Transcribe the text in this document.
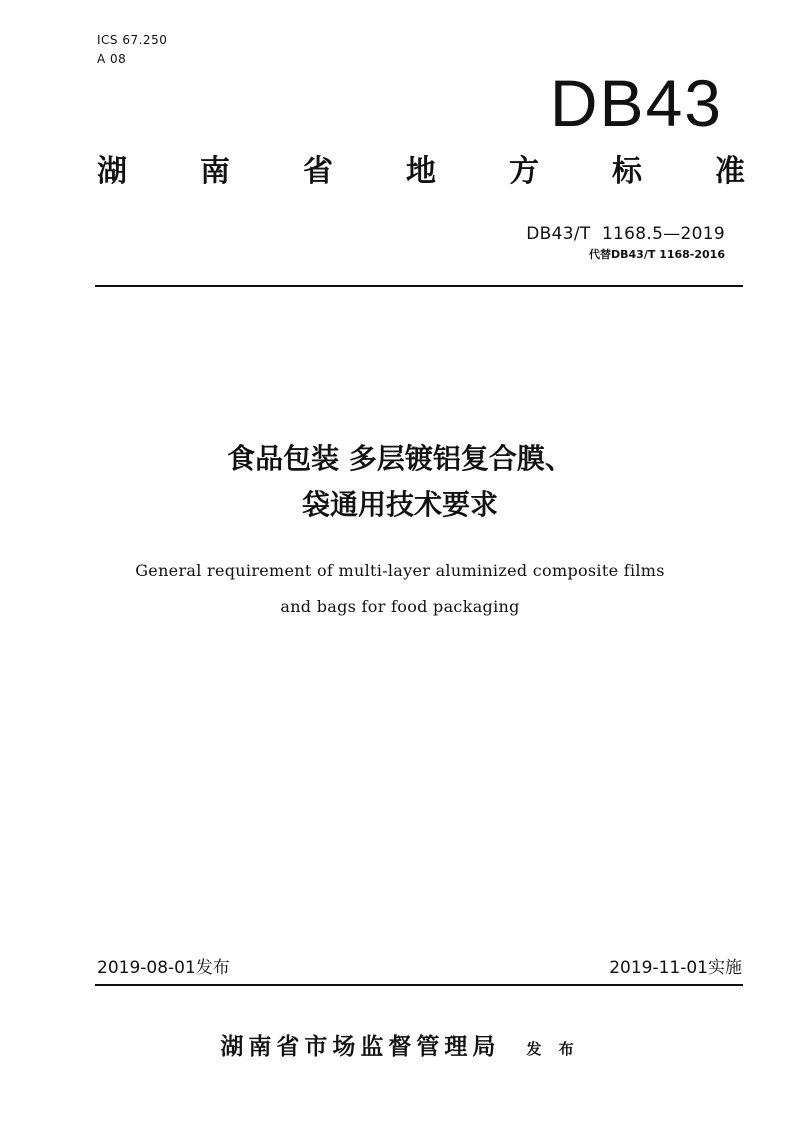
ICS 67.250
A 08
DB43
湖 南 省 地 方 标 准
DB43/T  1168.5—2019
代替DB43/T 1168-2016
食品包装 多层镀铝复合膜、
袋通用技术要求
General requirement of multi-layer aluminized composite films
and bags for food packaging
2019-08-01发布	2019-11-01实施
湖南省市场监督管理局 发 布
